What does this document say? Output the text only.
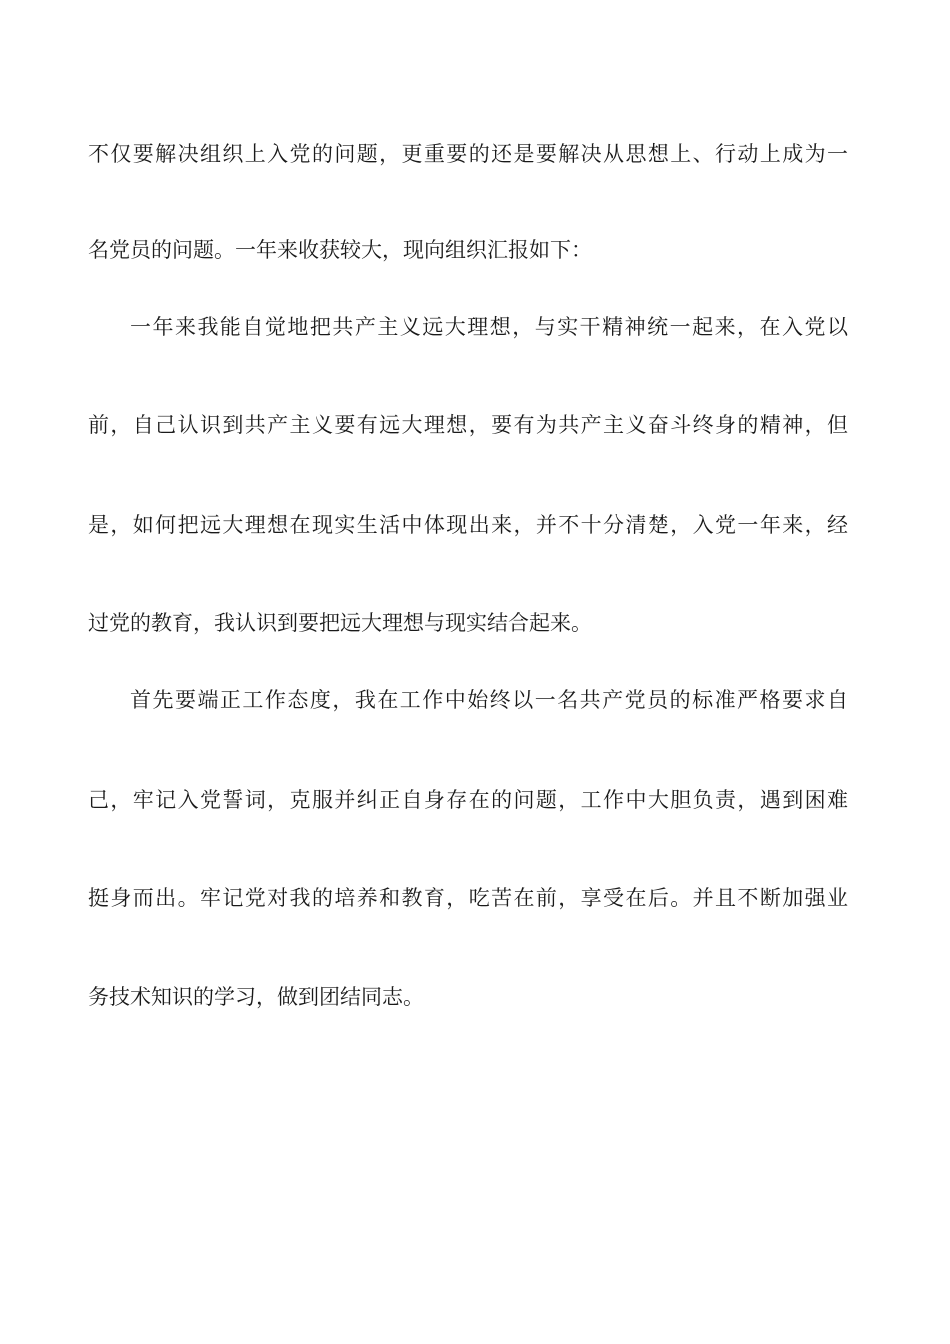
不仅要解决组织上入党的问题，更重要的还是要解决从思想上、行动上成为一
名党员的问题。一年来收获较大，现向组织汇报如下：
一年来我能自觉地把共产主义远大理想，与实干精神统一起来，在入党以
前，自己认识到共产主义要有远大理想，要有为共产主义奋斗终身的精神，但
是，如何把远大理想在现实生活中体现出来，并不十分清楚，入党一年来，经
过党的教育，我认识到要把远大理想与现实结合起来。
首先要端正工作态度，我在工作中始终以一名共产党员的标准严格要求自
己，牢记入党誓词，克服并纠正自身存在的问题，工作中大胆负责，遇到困难
挺身而出。牢记党对我的培养和教育，吃苦在前，享受在后。并且不断加强业
务技术知识的学习，做到团结同志。
